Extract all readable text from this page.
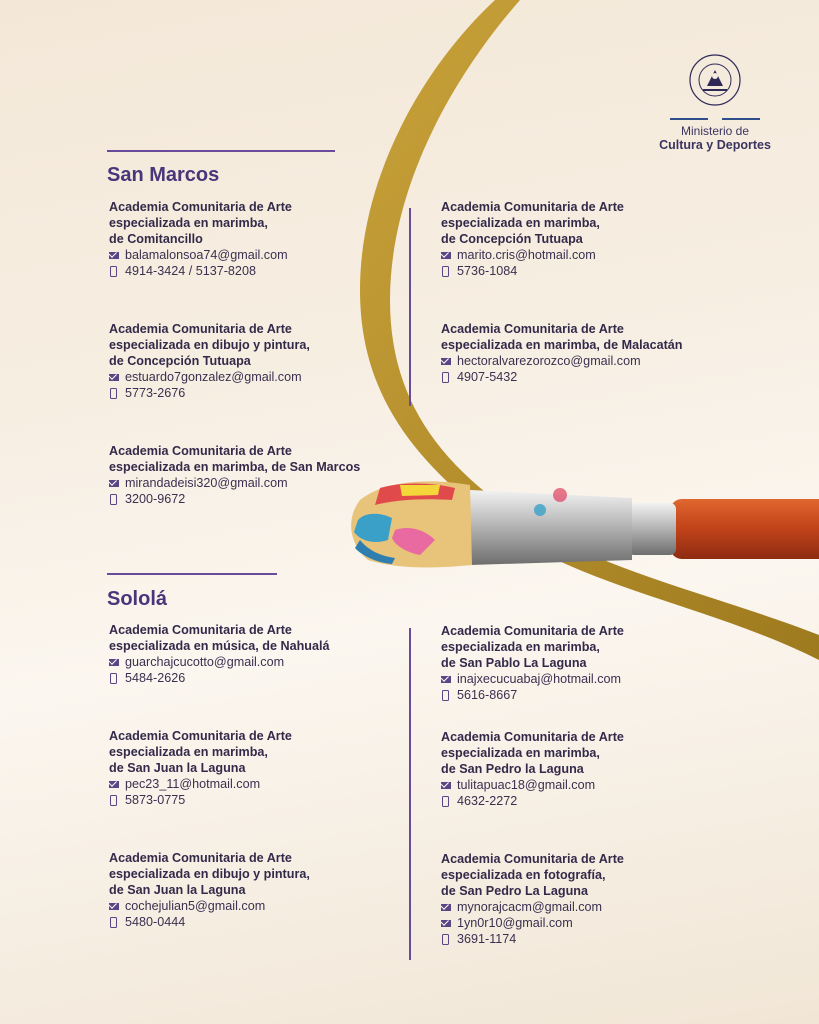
Ministerio de
Cultura y Deportes
San Marcos
Academia Comunitaria de Arte
especializada en marimba,
de Comitancillo
balamalonsoa74@gmail.com
4914-3424 / 5137-8208
Academia Comunitaria de Arte
especializada en dibujo y pintura,
de Concepción Tutuapa
estuardo7gonzalez@gmail.com
5773-2676
Academia Comunitaria de Arte
especializada en marimba, de San Marcos
mirandadeisi320@gmail.com
3200-9672
Academia Comunitaria de Arte
especializada en marimba,
de Concepción Tutuapa
marito.cris@hotmail.com
5736-1084
Academia Comunitaria de Arte
especializada en marimba, de Malacatán
hectoralvarezorozco@gmail.com
4907-5432
Sololá
Academia Comunitaria de Arte
especializada en música, de Nahualá
guarchajcucotto@gmail.com
5484-2626
Academia Comunitaria de Arte
especializada en marimba,
de San Juan la Laguna
pec23_11@hotmail.com
5873-0775
Academia Comunitaria de Arte
especializada en dibujo y pintura,
de San Juan la Laguna
cochejulian5@gmail.com
5480-0444
Academia Comunitaria de Arte
especializada en marimba,
de San Pablo La Laguna
inajxecucuabaj@hotmail.com
5616-8667
Academia Comunitaria de Arte
especializada en marimba,
de San Pedro la Laguna
tulitapuac18@gmail.com
4632-2272
Academia Comunitaria de Arte
especializada en fotografía,
de San Pedro La Laguna
mynorajcacm@gmail.com
1yn0r10@gmail.com
3691-1174
